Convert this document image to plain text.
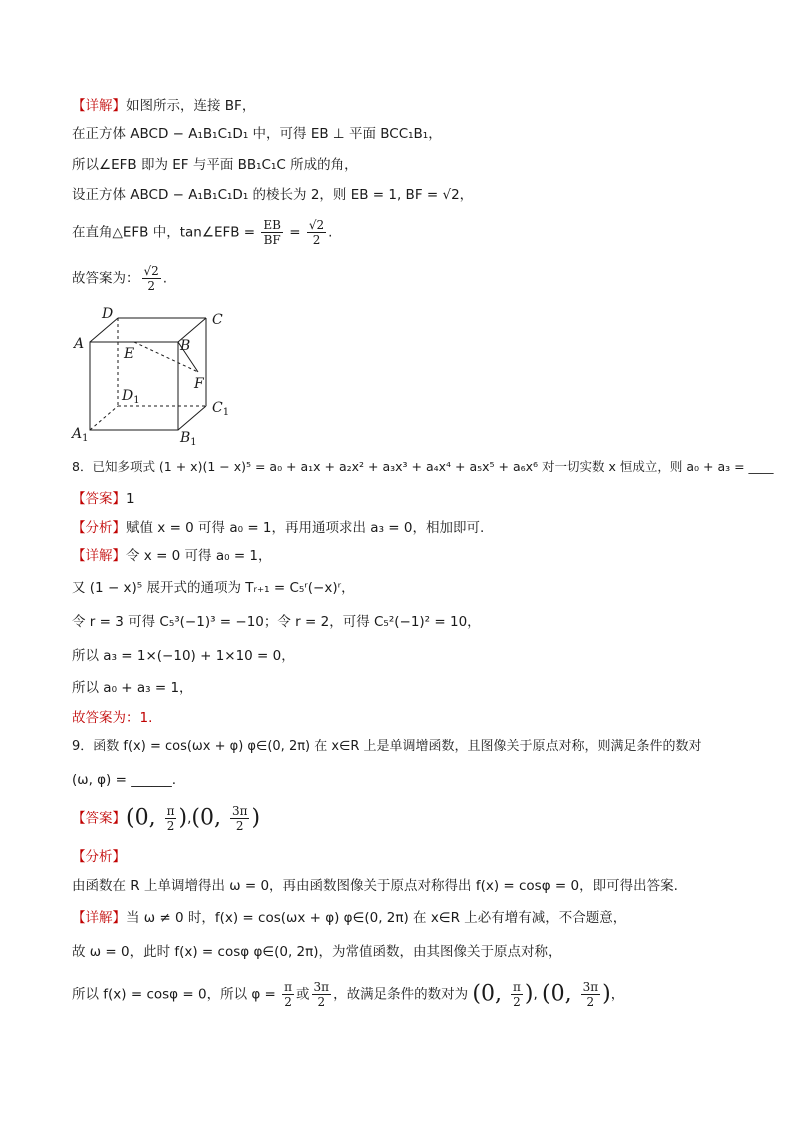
【详解】如图所示，连接 BF，
在正方体 ABCD − A₁B₁C₁D₁ 中，可得 EB ⊥ 平面 BCC₁B₁，
所以∠EFB 即为 EF 与平面 BB₁C₁C 所成的角，
设正方体 ABCD − A₁B₁C₁D₁ 的棱长为 2，则 EB = 1, BF = √2，
在直角△EFB 中，tan∠EFB = $\frac{EB}{BF} = \frac{√2}{2}$ .
故答案为： $\frac{√2}{2}$ .
A
D	C
E	B
F
$D_1$	$C_1$
$A_1$	$B_1$
8．已知多项式 (1 + x)(1 − x)⁵ = a₀ + a₁x + a₂x² + a₃x³ + a₄x⁴ + a₅x⁵ + a₆x⁶ 对一切实数 x 恒成立，则 a₀ + a₃ = ____
【答案】1
【分析】赋值 x = 0 可得 a₀ = 1，再用通项求出 a₃ = 0，相加即可.
【详解】令 x = 0 可得 a₀ = 1，
又 (1 − x)⁵ 展开式的通项为 Tᵣ₊₁ = C₅ʳ(−x)ʳ，
令 r = 3 可得 C₅³(−1)³ = −10；令 r = 2，可得 C₅²(−1)² = 10，
所以 a₃ = 1×(−10) + 1×10 = 0，
所以 a₀ + a₃ = 1，
故答案为：1.
9．函数 f(x) = cos(ωx + φ) φ∈(0, 2π) 在 x∈R 上是单调增函数，且图像关于原点对称，则满足条件的数对
(ω, φ) = ______.
【答案】(0, $\frac{\pi}{2} ),(0$, $\frac{3\pi}{2}$ )
【分析】
由函数在 R 上单调增得出 ω = 0，再由函数图像关于原点对称得出 f(x) = cosφ = 0，即可得出答案.
【详解】当 ω ≠ 0 时，f(x) = cos(ωx + φ) φ∈(0, 2π) 在 x∈R 上必有增有减，不合题意，
故 ω = 0，此时 f(x) = cosφ φ∈(0, 2π)，为常值函数，由其图像关于原点对称，
所以 f(x) = cosφ = 0，所以 $\varphi = \frac{\pi}{2}$ 或 $\frac{3\pi}{2}$ ，故满足条件的数对为 (0, $\frac{\pi}{2}$ ), (0, $\frac{3\pi}{2}$ )，
